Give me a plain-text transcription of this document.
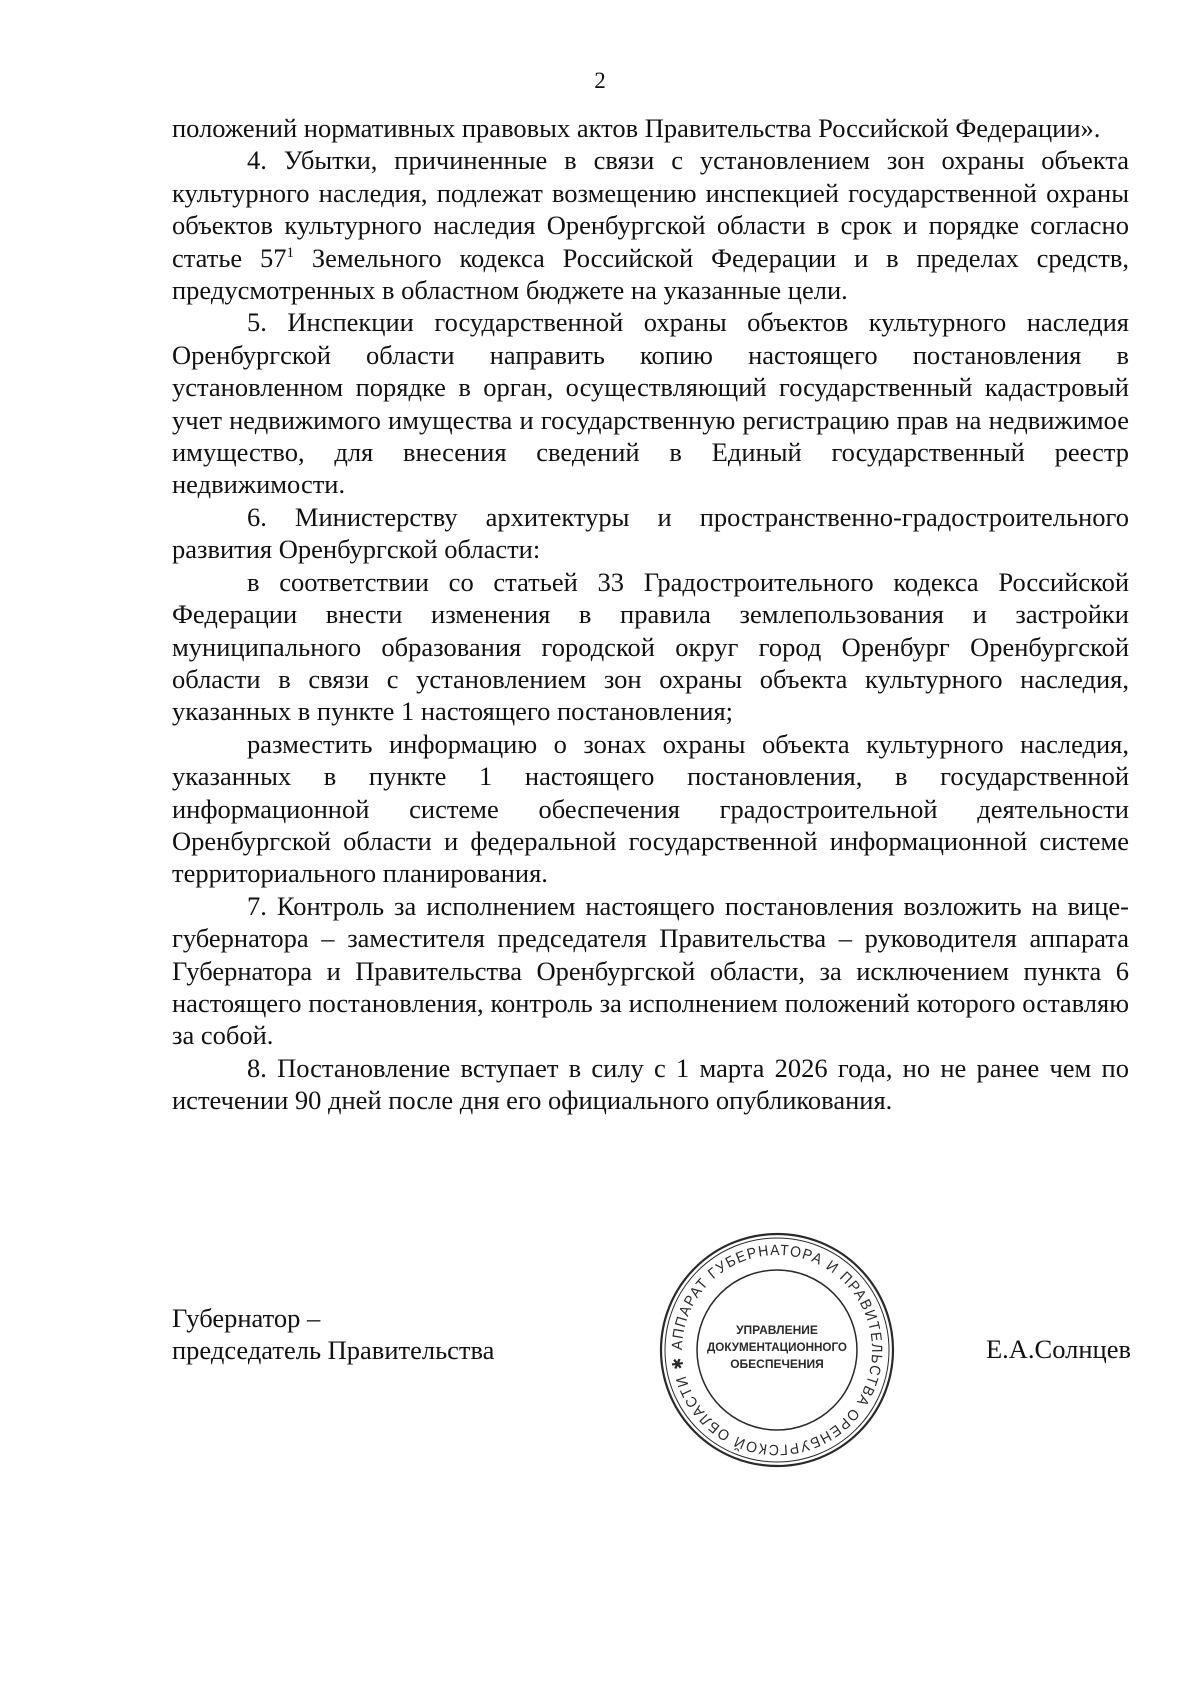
2

положений нормативных правовых актов Правительства Российской Федерации».

4. Убытки, причиненные в связи с установлением зон охраны объекта культурного наследия, подлежат возмещению инспекцией государственной охраны объектов культурного наследия Оренбургской области в срок и порядке согласно статье $57^1$ Земельного кодекса Российской Федерации и в пределах средств, предусмотренных в областном бюджете на указанные цели.

5. Инспекции государственной охраны объектов культурного наследия Оренбургской области направить копию настоящего постановления в установленном порядке в орган, осуществляющий государственный кадастровый учет недвижимого имущества и государственную регистрацию прав на недвижимое имущество, для внесения сведений в Единый государственный реестр недвижимости.

6. Министерству архитектуры и пространственно-градостроительного развития Оренбургской области:

в соответствии со статьей 33 Градостроительного кодекса Российской Федерации внести изменения в правила землепользования и застройки муниципального образования городской округ город Оренбург Оренбургской области в связи с установлением зон охраны объекта культурного наследия, указанных в пункте 1 настоящего постановления;

разместить информацию о зонах охраны объекта культурного наследия, указанных в пункте 1 настоящего постановления, в государственной информационной системе обеспечения градостроительной деятельности Оренбургской области и федеральной государственной информационной системе территориального планирования.

7. Контроль за исполнением настоящего постановления возложить на вице-губернатора – заместителя председателя Правительства – руководителя аппарата Губернатора и Правительства Оренбургской области, за исключением пункта 6 настоящего постановления, контроль за исполнением положений которого оставляю за собой.

8. Постановление вступает в силу с 1 марта 2026 года, но не ранее чем по истечении 90 дней после дня его официального опубликования.

Губернатор –
председатель Правительства	Е.А.Солнцев
АППАРАТ ГУБЕРНАТОРА И ПРАВИТЕЛЬСТВА ОРЕНБУРГСКОЙ ОБЛАСТИ ✱
УПРАВЛЕНИЕ
ДОКУМЕНТАЦИОННОГО
ОБЕСПЕЧЕНИЯ
